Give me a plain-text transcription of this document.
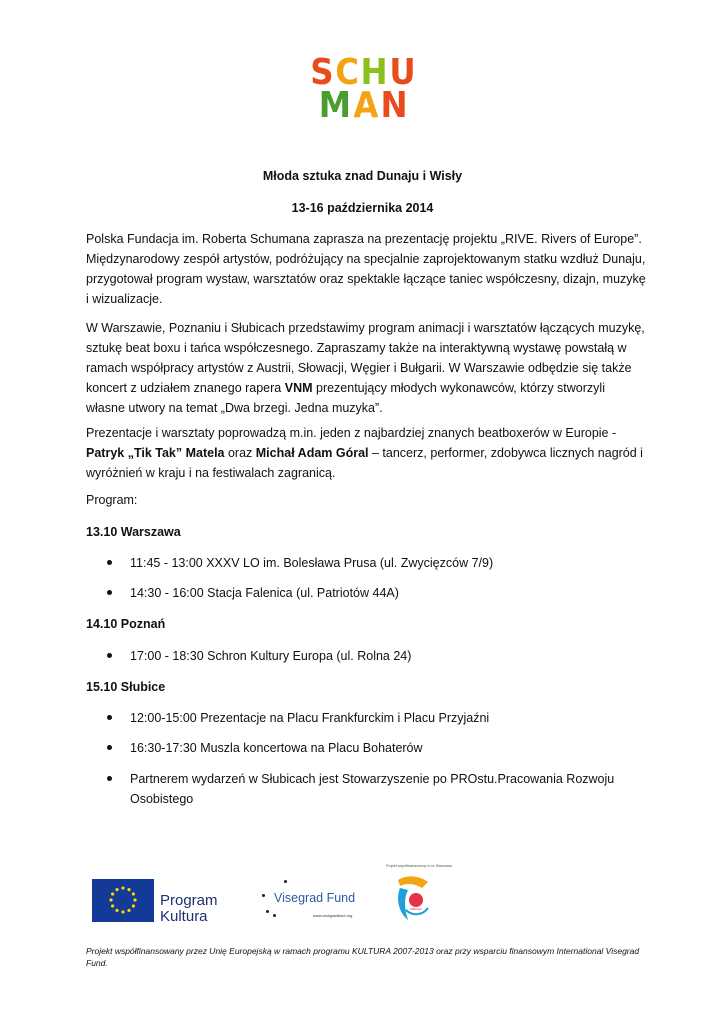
SCHU
MAN
Młoda sztuka znad Dunaju i Wisły
13-16 października 2014

Polska Fundacja im. Roberta Schumana zaprasza na prezentację projektu „RIVE. Rivers of Europe”. Międzynarodowy zespół artystów, podróżujący na specjalnie zaprojektowanym statku wzdłuż Dunaju, przygotował program wystaw, warsztatów oraz spektakle łączące taniec współczesny, dizajn, muzykę i wizualizacje.

W Warszawie, Poznaniu i Słubicach przedstawimy program animacji i warsztatów łączących muzykę, sztukę beat boxu i tańca współczesnego. Zapraszamy także na interaktywną wystawę powstałą w ramach współpracy artystów z Austrii, Słowacji, Węgier i Bułgarii. W Warszawie odbędzie się także koncert z udziałem znanego rapera VNM prezentujący młodych wykonawców, którzy stworzyli własne utwory na temat „Dwa brzegi. Jedna muzyka”.

Prezentacje i warsztaty poprowadzą m.in. jeden z najbardziej znanych beatboxerów w Europie - Patryk „Tik Tak” Matela oraz Michał Adam Góral – tancerz, performer, zdobywca licznych nagród i wyróżnień w kraju i na festiwalach zagranicą.

Program:
13.10 Warszawa
11:45 - 13:00 XXXV LO im. Bolesława Prusa (ul. Zwycięzców 7/9)
14:30 - 16:00 Stacja Falenica (ul. Patriotów 44A)
14.10 Poznań
17:00 - 18:30 Schron Kultury Europa (ul. Rolna 24)
15.10 Słubice
12:00-15:00 Prezentacje na Placu Frankfurckim i Placu Przyjaźni
16:30-17:30 Muszla koncertowa na Placu Bohaterów
Partnerem wydarzeń w Słubicach jest Stowarzyszenie po PROstu.Pracowania Rozwoju Osobistego
Program
Kultura
Visegrad Fund
www.visegradfund.org
Projekt współfinansowany m.st. Warszawa
zakręć
Projekt współfinansowany przez Unię Europejską w ramach programu KULTURA 2007-2013 oraz przy wsparciu finansowym International Visegrad Fund.
